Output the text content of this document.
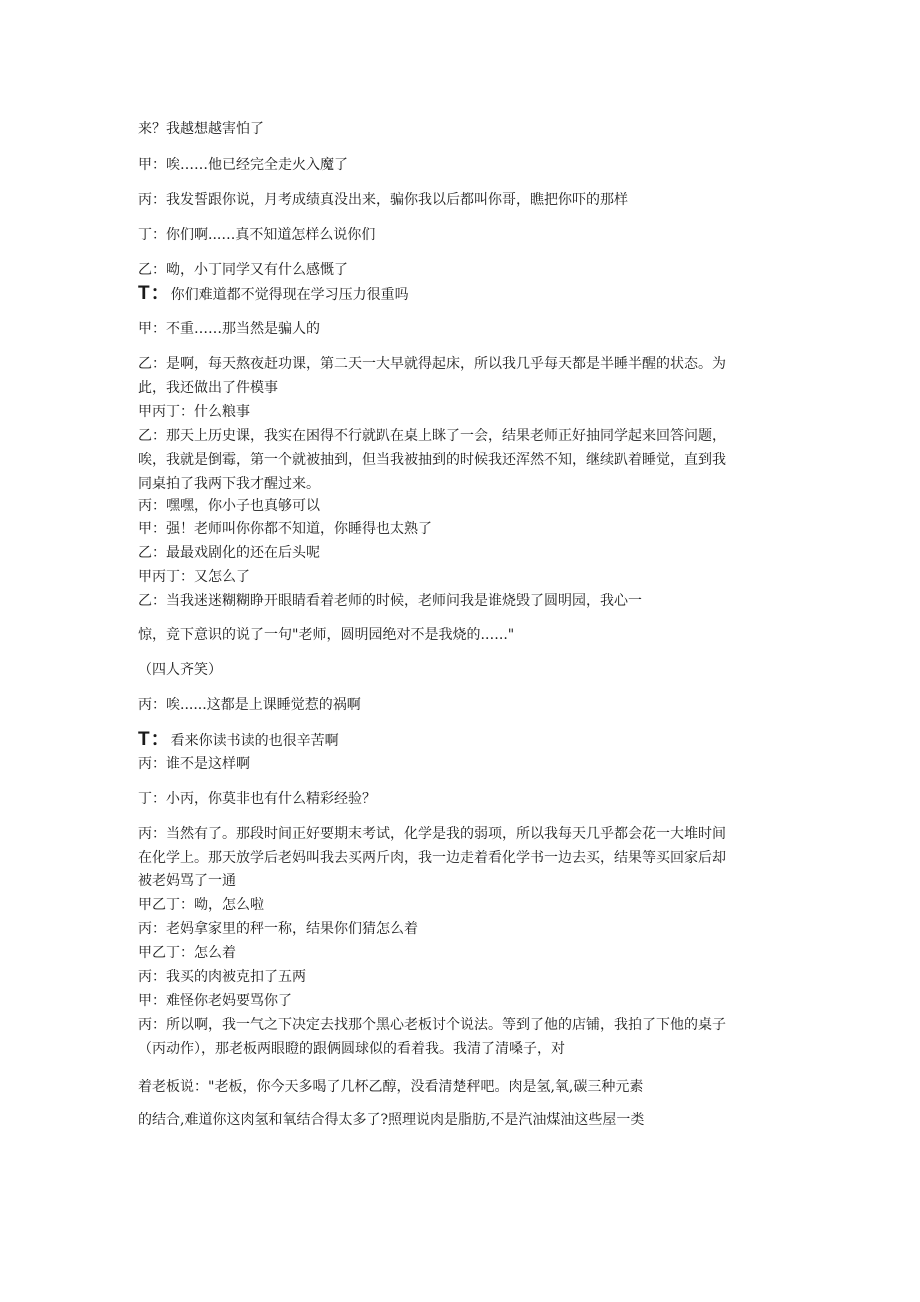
来？我越想越害怕了
甲：唉……他已经完全走火入魔了
丙：我发誓跟你说，月考成绩真没出来，骗你我以后都叫你哥，瞧把你吓的那样
丁：你们啊...…真不知道怎样么说你们
乙：呦，小丁同学又有什么感慨了
T：你们难道都不觉得现在学习压力很重吗
甲：不重……那当然是骗人的
乙：是啊，每天熬夜赶功课，第二天一大早就得起床，所以我几乎每天都是半睡半醒的状态。为
此，我还做出了件模事
甲丙丁：什么粮事
乙：那天上历史课，我实在困得不行就趴在桌上眯了一会，结果老师正好抽同学起来回答问题，
唉，我就是倒霉，第一个就被抽到，但当我被抽到的时候我还浑然不知，继续趴着睡觉，直到我
同桌拍了我两下我才醒过来。
丙：嘿嘿，你小子也真够可以
甲：强！老师叫你你都不知道，你睡得也太熟了
乙：最最戏剧化的还在后头呢
甲丙丁：又怎么了
乙：当我迷迷糊糊睁开眼睛看着老师的时候，老师问我是谁烧毁了圆明园，我心一
惊，竞下意识的说了一句"老师，圆明园绝对不是我烧的.….."
（四人齐笑）
丙：唉......这都是上课睡觉惹的祸啊
T：看来你读书读的也很辛苦啊
丙：谁不是这样啊
丁：小丙，你莫非也有什么精彩经验？
丙：当然有了。那段时间正好要期末考试，化学是我的弱项，所以我每天几乎都会花一大堆时间
在化学上。那天放学后老妈叫我去买两斤肉，我一边走着看化学书一边去买，结果等买回家后却
被老妈骂了一通
甲乙丁：呦，怎么啦
丙：老妈拿家里的秤一称，结果你们猜怎么着
甲乙丁：怎么着
丙：我买的肉被克扣了五两
甲：难怪你老妈要骂你了
丙：所以啊，我一气之下决定去找那个黑心老板讨个说法。等到了他的店铺，我拍了下他的桌子
（丙动作），那老板两眼瞪的跟俩圆球似的看着我。我清了清嗓子，对
着老板说："老板，你今天多喝了几杯乙醇，没看清楚秤吧。肉是氢,氧,碳三种元素
的结合,难道你这肉氢和氧结合得太多了?照理说肉是脂肪,不是汽油煤油这些屋一类
